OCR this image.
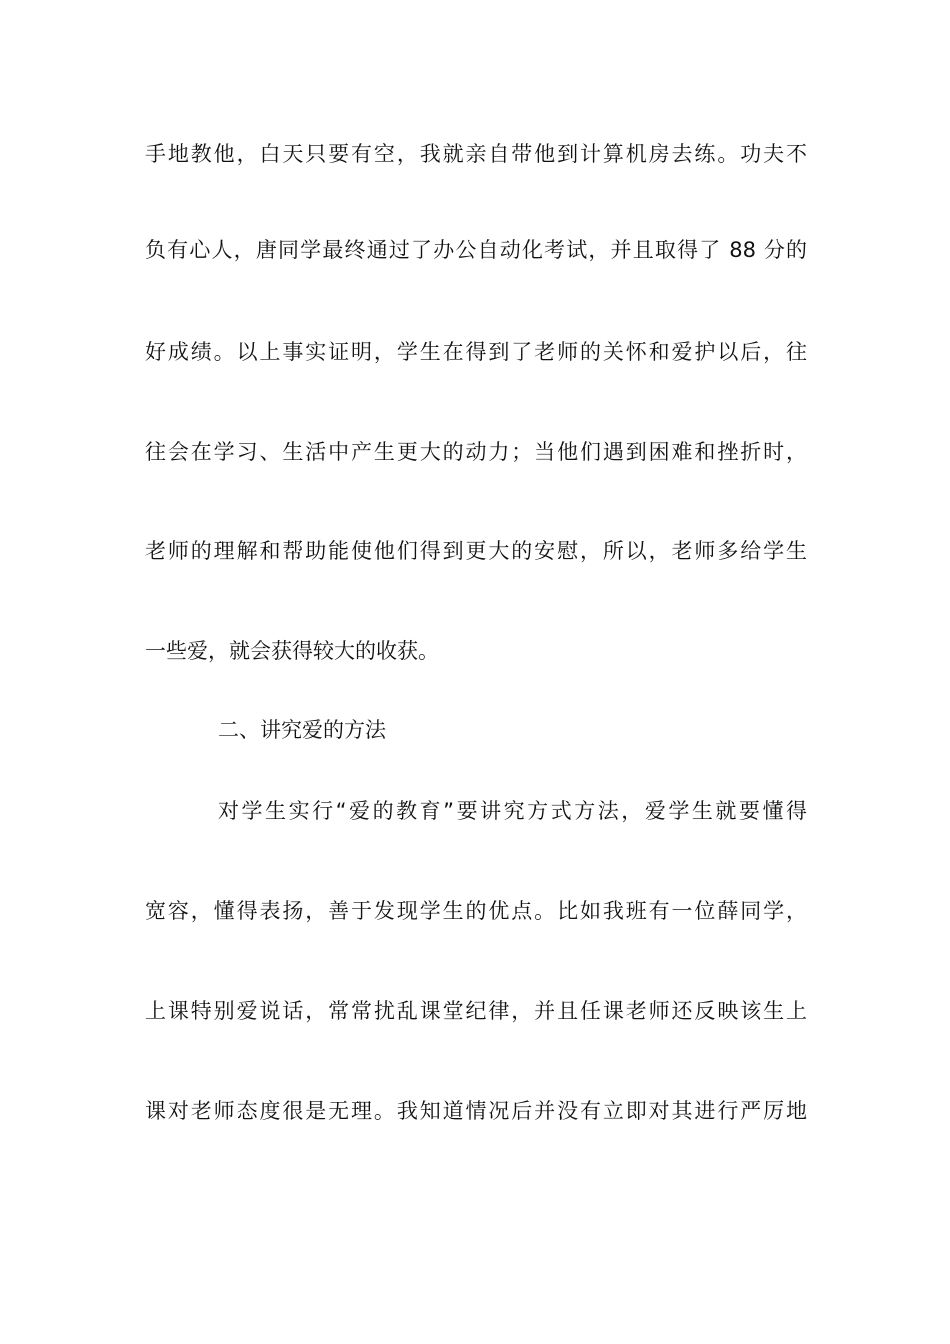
手地教他，白天只要有空，我就亲自带他到计算机房去练。功夫不
负有心人，唐同学最终通过了办公自动化考试，并且取得了 88 分的
好成绩。以上事实证明，学生在得到了老师的关怀和爱护以后，往
往会在学习、生活中产生更大的动力；当他们遇到困难和挫折时，
老师的理解和帮助能使他们得到更大的安慰，所以，老师多给学生
一些爱，就会获得较大的收获。
二、讲究爱的方法
对学生实行“爱的教育”要讲究方式方法，爱学生就要懂得
宽容，懂得表扬，善于发现学生的优点。比如我班有一位薛同学，
上课特别爱说话，常常扰乱课堂纪律，并且任课老师还反映该生上
课对老师态度很是无理。我知道情况后并没有立即对其进行严厉地
